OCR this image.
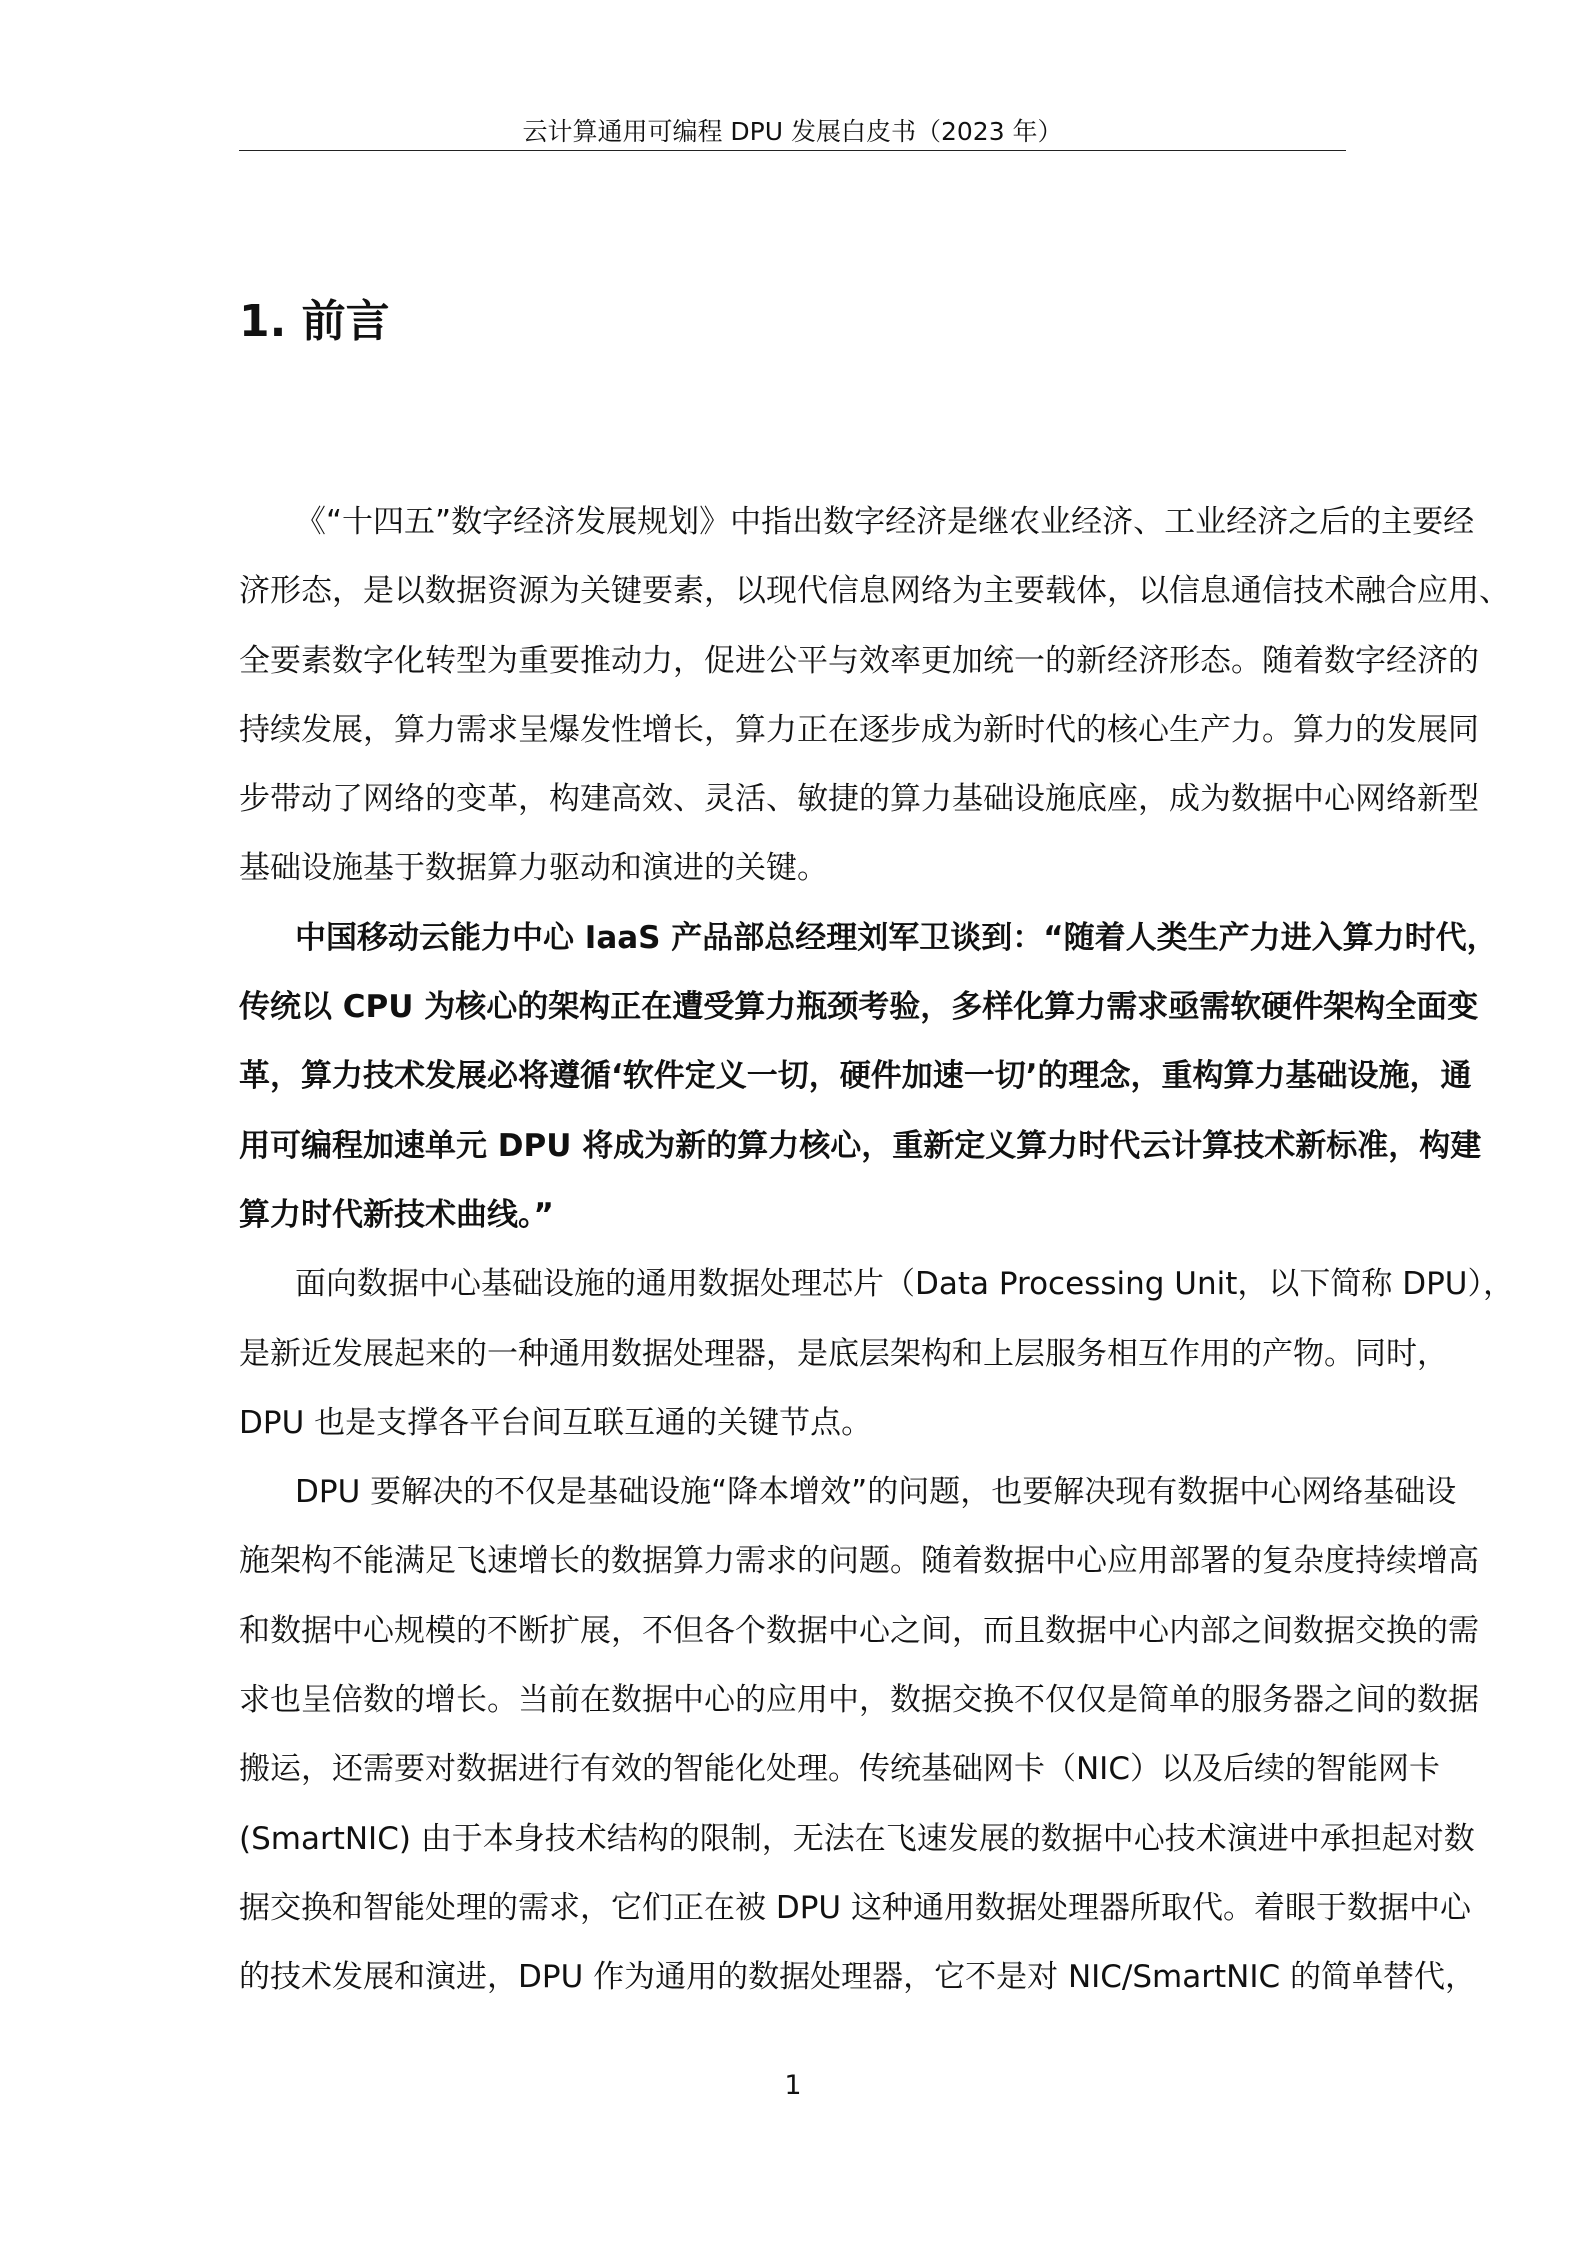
云计算通用可编程 DPU 发展白皮书（2023 年）
1. 前言
《“十四五”数字经济发展规划》中指出数字经济是继农业经济、工业经济之后的主要经
济形态，是以数据资源为关键要素，以现代信息网络为主要载体，以信息通信技术融合应用、
全要素数字化转型为重要推动力，促进公平与效率更加统一的新经济形态。随着数字经济的
持续发展，算力需求呈爆发性增长，算力正在逐步成为新时代的核心生产力。算力的发展同
步带动了网络的变革，构建高效、灵活、敏捷的算力基础设施底座，成为数据中心网络新型
基础设施基于数据算力驱动和演进的关键。
中国移动云能力中心 IaaS 产品部总经理刘军卫谈到：“随着人类生产力进入算力时代，
传统以 CPU 为核心的架构正在遭受算力瓶颈考验，多样化算力需求亟需软硬件架构全面变
革，算力技术发展必将遵循‘软件定义一切，硬件加速一切’的理念，重构算力基础设施，通
用可编程加速单元 DPU 将成为新的算力核心，重新定义算力时代云计算技术新标准，构建
算力时代新技术曲线。”
面向数据中心基础设施的通用数据处理芯片（Data Processing Unit，以下简称 DPU），
是新近发展起来的一种通用数据处理器，是底层架构和上层服务相互作用的产物。同时，
DPU 也是支撑各平台间互联互通的关键节点。
DPU 要解决的不仅是基础设施“降本增效”的问题，也要解决现有数据中心网络基础设
施架构不能满足飞速增长的数据算力需求的问题。随着数据中心应用部署的复杂度持续增高
和数据中心规模的不断扩展，不但各个数据中心之间，而且数据中心内部之间数据交换的需
求也呈倍数的增长。当前在数据中心的应用中，数据交换不仅仅是简单的服务器之间的数据
搬运，还需要对数据进行有效的智能化处理。传统基础网卡（NIC）以及后续的智能网卡
(SmartNIC) 由于本身技术结构的限制，无法在飞速发展的数据中心技术演进中承担起对数
据交换和智能处理的需求，它们正在被 DPU 这种通用数据处理器所取代。着眼于数据中心
的技术发展和演进，DPU 作为通用的数据处理器，它不是对 NIC/SmartNIC 的简单替代，
1
